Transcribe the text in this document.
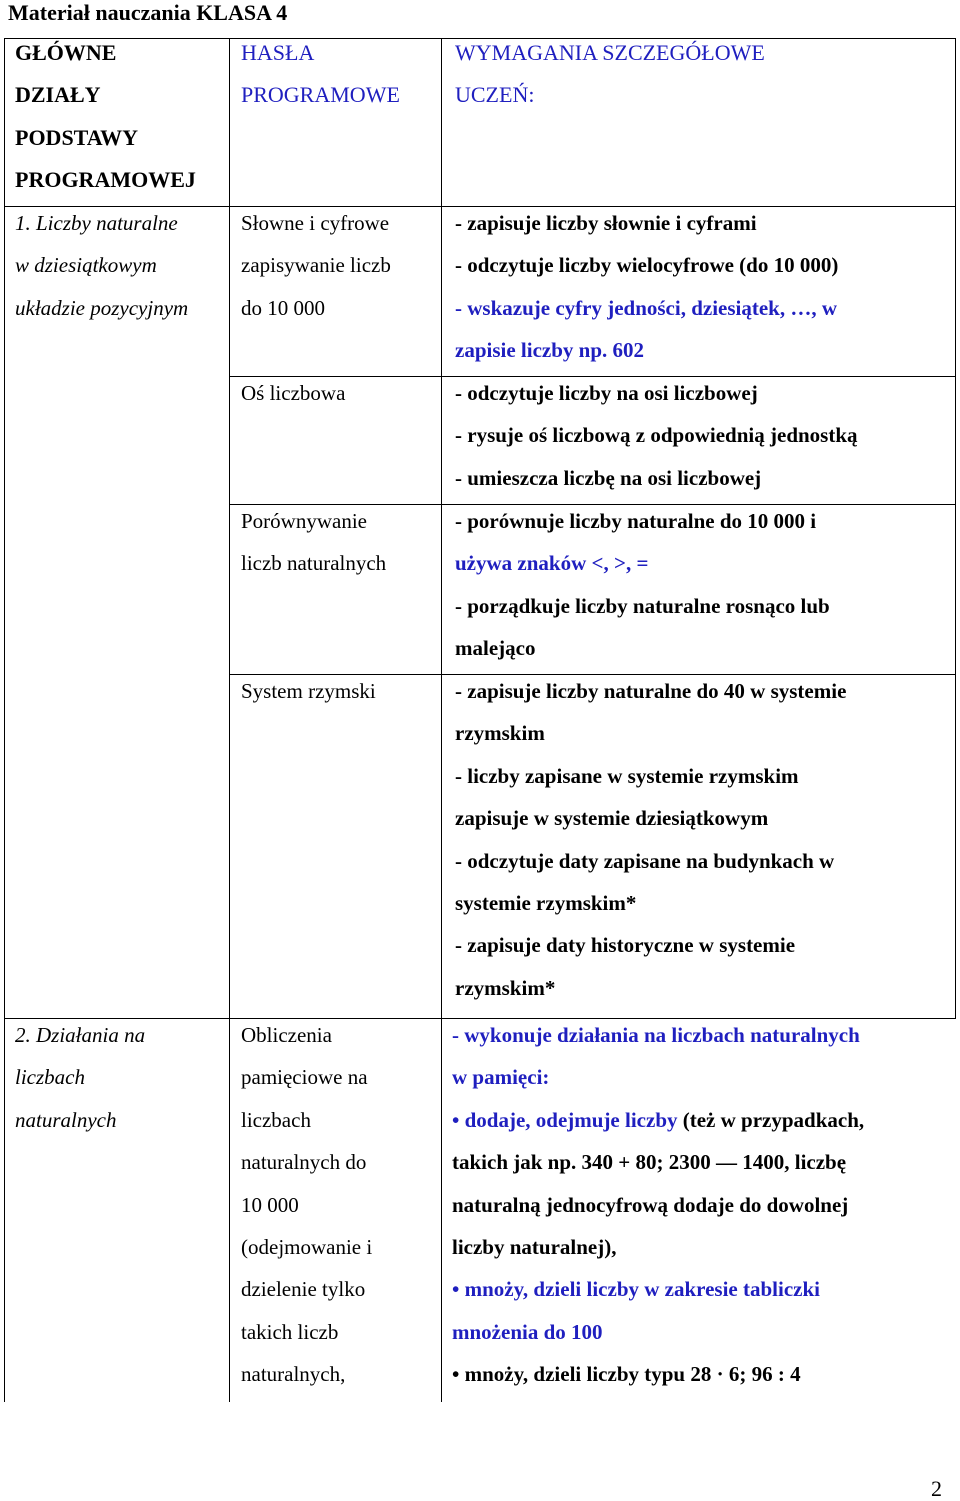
Materiał nauczania KLASA 4
GŁÓWNE
DZIAŁY
PODSTAWY
PROGRAMOWEJ
HASŁA
PROGRAMOWE
WYMAGANIA SZCZEGÓŁOWE
UCZEŃ:
1. Liczby naturalne
w dziesiątkowym
układzie pozycyjnym
Słowne i cyfrowe
zapisywanie liczb
do 10 000
- zapisuje liczby słownie i cyframi
- odczytuje liczby wielocyfrowe (do 10 000)
- wskazuje cyfry jedności, dziesiątek, …, w
zapisie liczby np. 602
Oś liczbowa	- odczytuje liczby na osi liczbowej
- rysuje oś liczbową z odpowiednią jednostką
- umieszcza liczbę na osi liczbowej
Porównywanie
liczb naturalnych
- porównuje liczby naturalne do 10 000 i
używa znaków <, >, =
- porządkuje liczby naturalne rosnąco lub
malejąco
System rzymski	- zapisuje liczby naturalne do 40 w systemie
rzymskim
- liczby zapisane w systemie rzymskim
zapisuje w systemie dziesiątkowym
- odczytuje daty zapisane na budynkach w
systemie rzymskim*
- zapisuje daty historyczne w systemie
rzymskim*
2. Działania na
liczbach
naturalnych
Obliczenia
pamięciowe na
liczbach
naturalnych do
10 000
(odejmowanie i
dzielenie tylko
takich liczb
naturalnych,
- wykonuje działania na liczbach naturalnych
w pamięci:
• dodaje, odejmuje liczby (też w przypadkach,
takich jak np. 340 + 80; 2300 — 1400, liczbę
naturalną jednocyfrową dodaje do dowolnej
liczby naturalnej),
• mnoży, dzieli liczby w zakresie tabliczki
mnożenia do 100
• mnoży, dzieli liczby typu 28 · 6; 96 : 4
2
